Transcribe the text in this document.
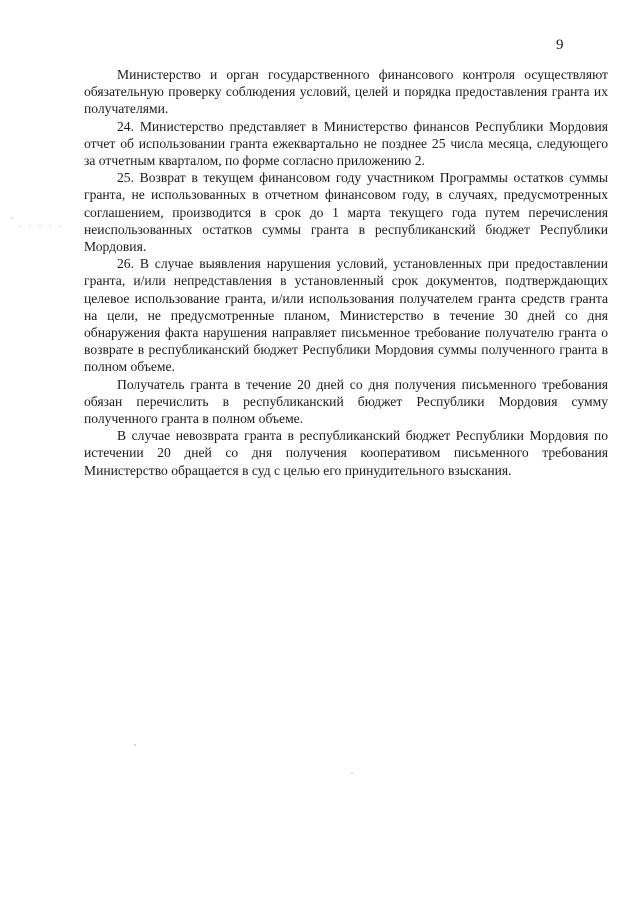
9

Министерство и орган государственного финансового контроля осуществляют обязательную проверку соблюдения условий, целей и порядка предоставления гранта их получателями.

24. Министерство представляет в Министерство финансов Республики Мордовия отчет об использовании гранта ежеквартально не позднее 25 числа месяца, следующего за отчетным кварталом, по форме согласно приложению 2.

25. Возврат в текущем финансовом году участником Программы остатков суммы гранта, не использованных в отчетном финансовом году, в случаях, предусмотренных соглашением, производится в срок до 1 марта текущего года путем перечисления неиспользованных остатков суммы гранта в республиканский бюджет Республики Мордовия.

26. В случае выявления нарушения условий, установленных при предоставлении гранта, и/или непредставления в установленный срок документов, подтверждающих целевое использование гранта, и/или использования получателем гранта средств гранта на цели, не предусмотренные планом, Министерство в течение 30 дней со дня обнаружения факта нарушения направляет письменное требование получателю гранта о возврате в республиканский бюджет Республики Мордовия суммы полученного гранта в полном объеме.

Получатель гранта в течение 20 дней со дня получения письменного требования обязан перечислить в республиканский бюджет Республики Мордовия сумму полученного гранта в полном объеме.

В случае невозврата гранта в республиканский бюджет Республики Мордовия по истечении 20 дней со дня получения кооперативом письменного требования Министерство обращается в суд с целью его принудительного взыскания.
